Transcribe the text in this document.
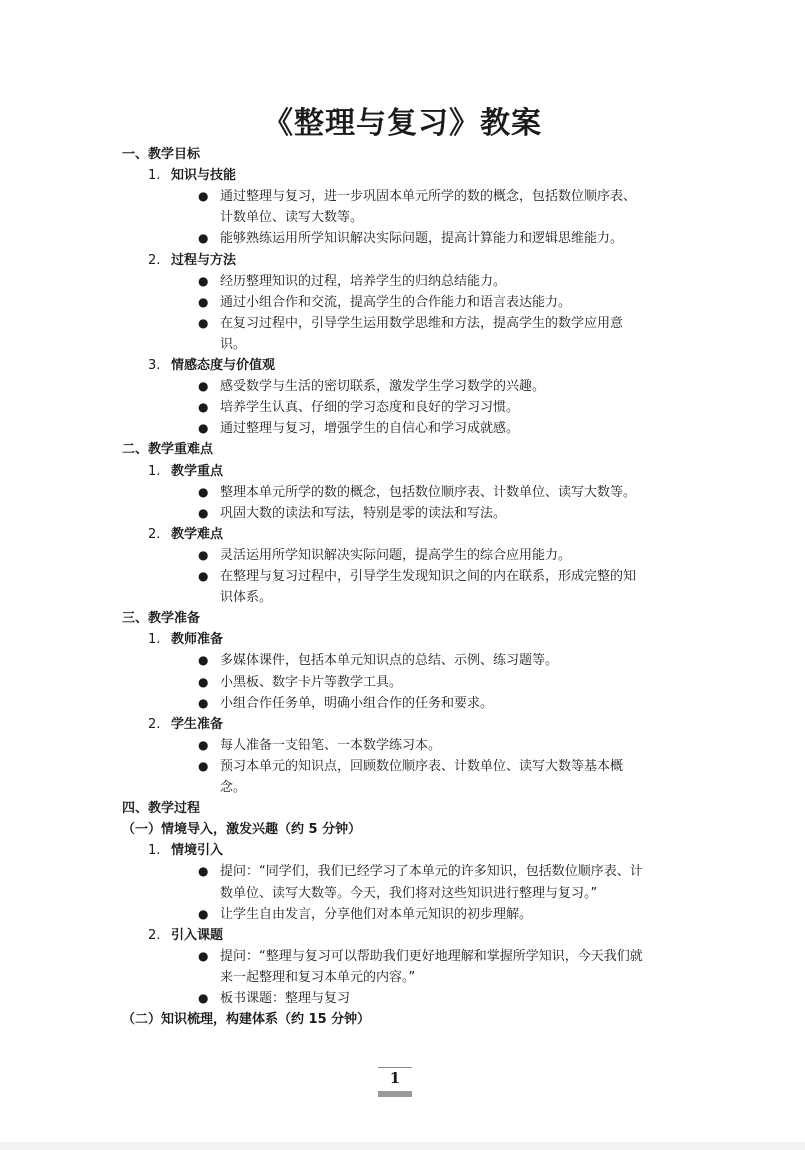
《整理与复习》教案
一、教学目标
1. 知识与技能
● 通过整理与复习，进一步巩固本单元所学的数的概念，包括数位顺序表、
计数单位、读写大数等。
● 能够熟练运用所学知识解决实际问题，提高计算能力和逻辑思维能力。
2. 过程与方法
● 经历整理知识的过程，培养学生的归纳总结能力。
● 通过小组合作和交流，提高学生的合作能力和语言表达能力。
● 在复习过程中，引导学生运用数学思维和方法，提高学生的数学应用意
识。
3. 情感态度与价值观
● 感受数学与生活的密切联系，激发学生学习数学的兴趣。
● 培养学生认真、仔细的学习态度和良好的学习习惯。
● 通过整理与复习，增强学生的自信心和学习成就感。
二、教学重难点
1. 教学重点
● 整理本单元所学的数的概念，包括数位顺序表、计数单位、读写大数等。
● 巩固大数的读法和写法，特别是零的读法和写法。
2. 教学难点
● 灵活运用所学知识解决实际问题，提高学生的综合应用能力。
● 在整理与复习过程中，引导学生发现知识之间的内在联系，形成完整的知
识体系。
三、教学准备
1. 教师准备
● 多媒体课件，包括本单元知识点的总结、示例、练习题等。
● 小黑板、数字卡片等教学工具。
● 小组合作任务单，明确小组合作的任务和要求。
2. 学生准备
● 每人准备一支铅笔、一本数学练习本。
● 预习本单元的知识点，回顾数位顺序表、计数单位、读写大数等基本概
念。
四、教学过程
（一）情境导入，激发兴趣（约 5 分钟）
1. 情境引入
● 提问：“同学们，我们已经学习了本单元的许多知识，包括数位顺序表、计
数单位、读写大数等。今天，我们将对这些知识进行整理与复习。”
● 让学生自由发言，分享他们对本单元知识的初步理解。
2. 引入课题
● 提问：“整理与复习可以帮助我们更好地理解和掌握所学知识，今天我们就
来一起整理和复习本单元的内容。”
● 板书课题：整理与复习
（二）知识梳理，构建体系（约 15 分钟）
1
